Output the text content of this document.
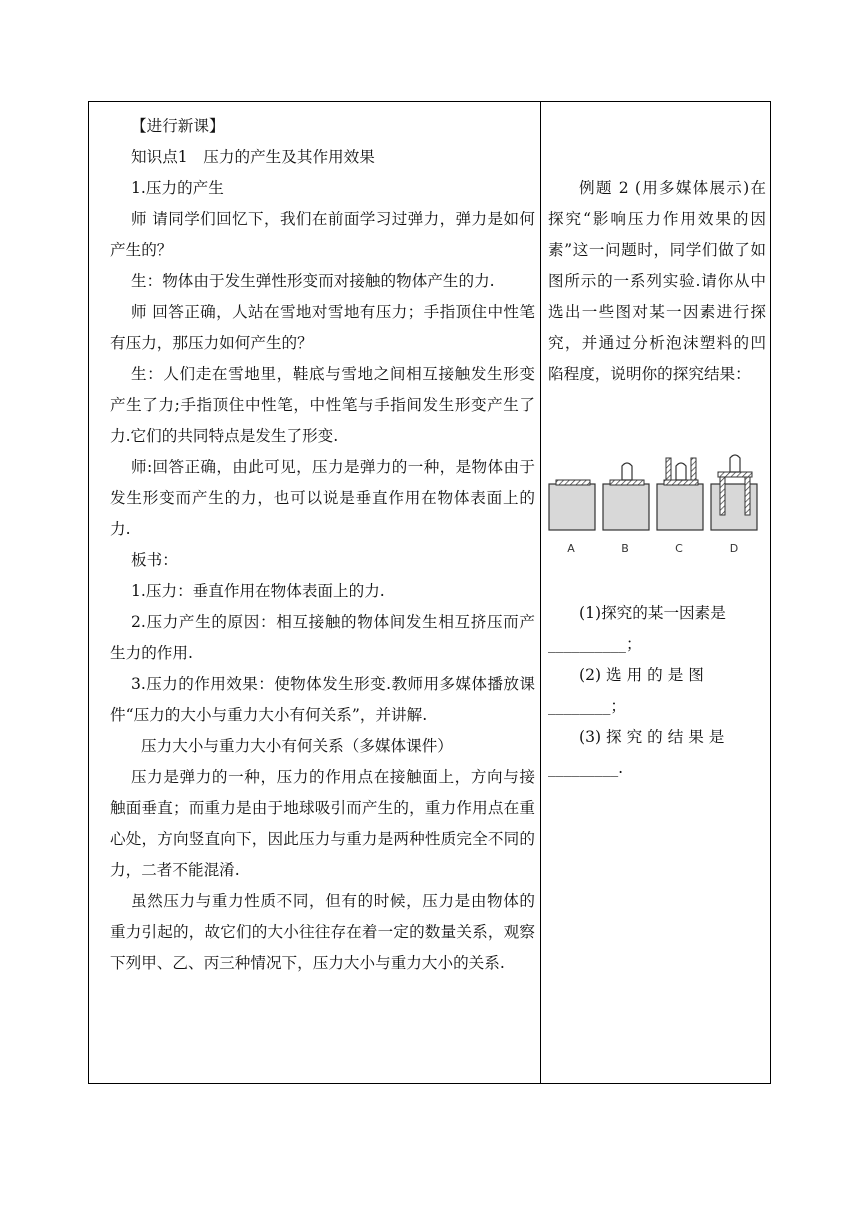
【进行新课】

知识点1　压力的产生及其作用效果

1.压力的产生

师 请同学们回忆下，我们在前面学习过弹力，弹力是如何产生的？

生：物体由于发生弹性形变而对接触的物体产生的力.

师 回答正确，人站在雪地对雪地有压力；手指顶住中性笔有压力，那压力如何产生的？

生：人们走在雪地里，鞋底与雪地之间相互接触发生形变产生了力;手指顶住中性笔，中性笔与手指间发生形变产生了力.它们的共同特点是发生了形变.

师:回答正确，由此可见，压力是弹力的一种，是物体由于发生形变而产生的力，也可以说是垂直作用在物体表面上的力.

板书：

1.压力：垂直作用在物体表面上的力.

2.压力产生的原因：相互接触的物体间发生相互挤压而产生力的作用.

3.压力的作用效果：使物体发生形变.教师用多媒体播放课件“压力的大小与重力大小有何关系”，并讲解.

压力大小与重力大小有何关系（多媒体课件）

压力是弹力的一种，压力的作用点在接触面上，方向与接触面垂直；而重力是由于地球吸引而产生的，重力作用点在重心处，方向竖直向下，因此压力与重力是两种性质完全不同的力，二者不能混淆.

虽然压力与重力性质不同，但有的时候，压力是由物体的重力引起的，故它们的大小往往存在着一定的数量关系，观察下列甲、乙、丙三种情况下，压力大小与重力大小的关系.

例题 2 (用多媒体展示)在探究“影响压力作用效果的因素”这一问题时，同学们做了如图所示的一系列实验.请你从中选出一些图对某一因素进行探究，并通过分析泡沫塑料的凹陷程度，说明你的探究结果：

A	B	C	D

(1)探究的某一因素是
__________；

(2) 选 用 的 是 图
________；

(3) 探 究 的 结 果 是
_________.
